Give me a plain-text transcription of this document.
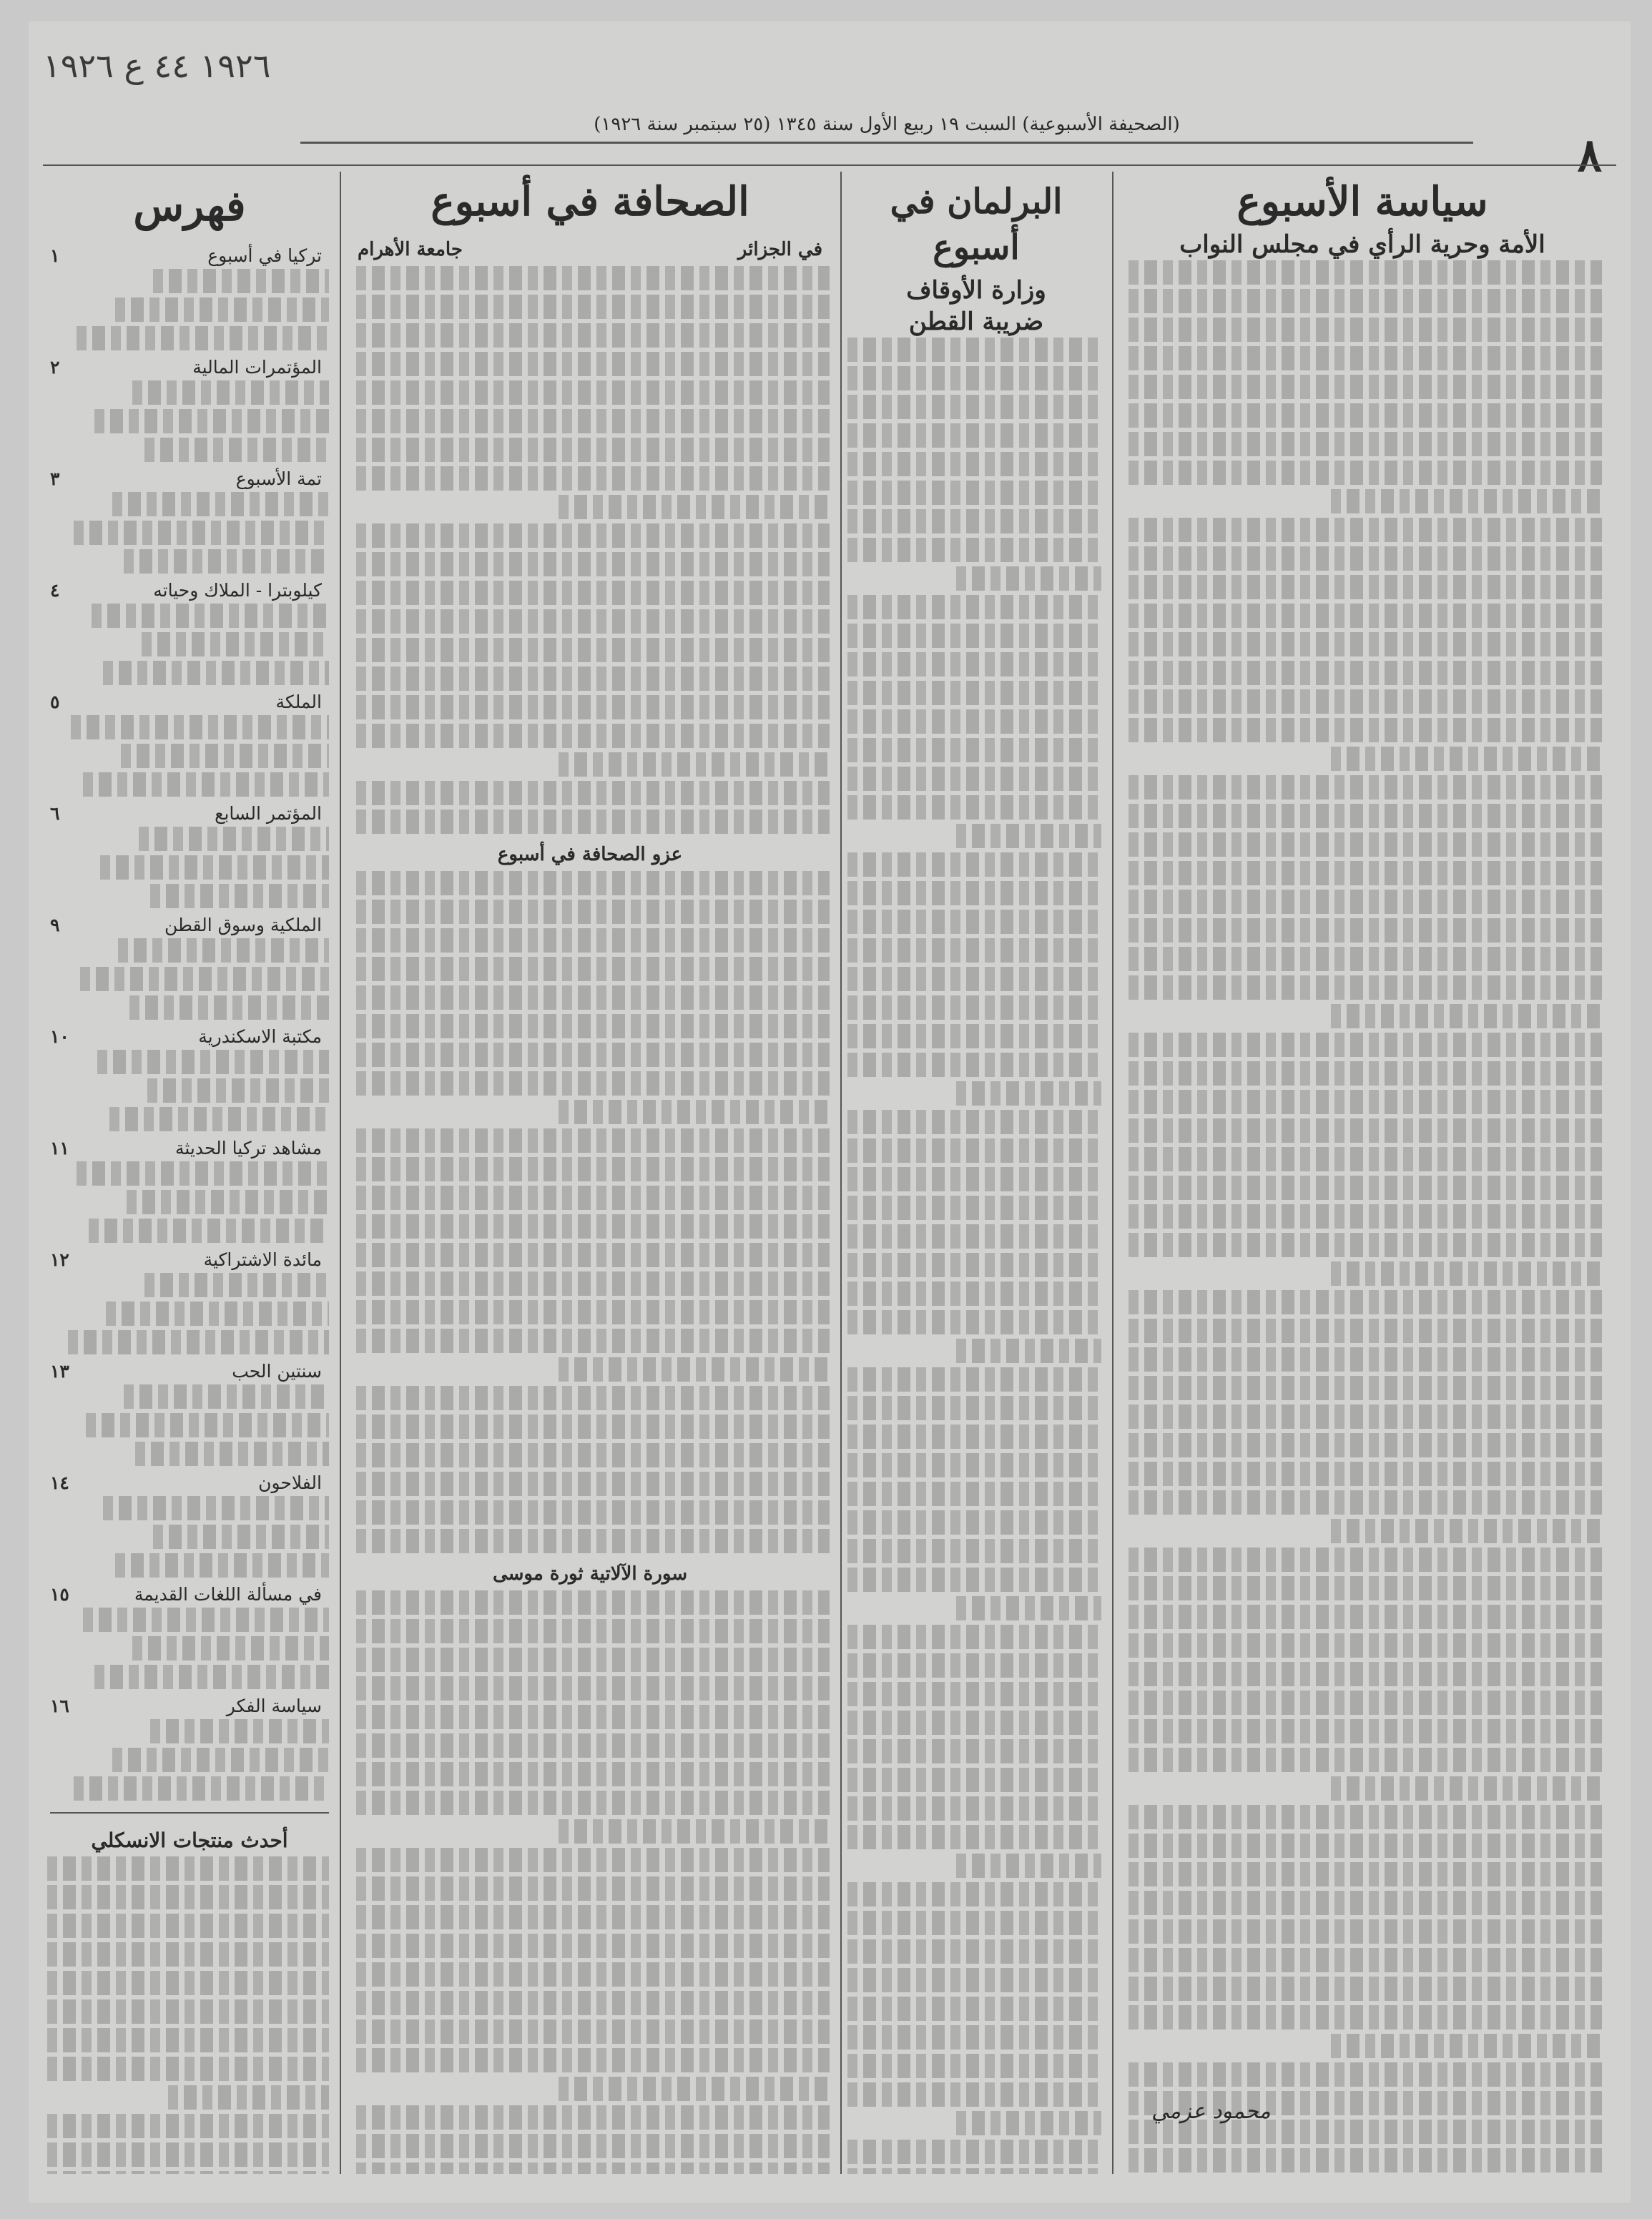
١٩٢٦ ٤٤ ع ١٩٢٦
٨
(الصحيفة الأسبوعية) السبت ١٩ ربيع الأول سنة ١٣٤٥ (٢٥ سبتمبر سنة ١٩٢٦)
سياسة الأسبوع
الأمة وحرية الرأي في مجلس النواب
محمود عزمي
البرلمان في أسبوع
وزارة الأوقاف
ضريبة القطن
الصحافة في أسبوع
في الجزائر
جامعة الأهرام
عزو الصحافة في أسبوع
سورة الآلاتية ثورة موسى
فهرس
تركيا في أسبوع
١
المؤتمرات المالية
٢
تمة الأسبوع
٣
كيلوبترا - الملاك وحياته
٤
الملكة
٥
المؤتمر السابع
٦
الملكية وسوق القطن
٩
مكتبة الاسكندرية
١٠
مشاهد تركيا الحديثة
١١
مائدة الاشتراكية
١٢
سنتين الحب
١٣
الفلاحون
١٤
في مسألة اللغات القديمة
١٥
سياسة الفكر
١٦
أحدث منتجات الانسكلي
